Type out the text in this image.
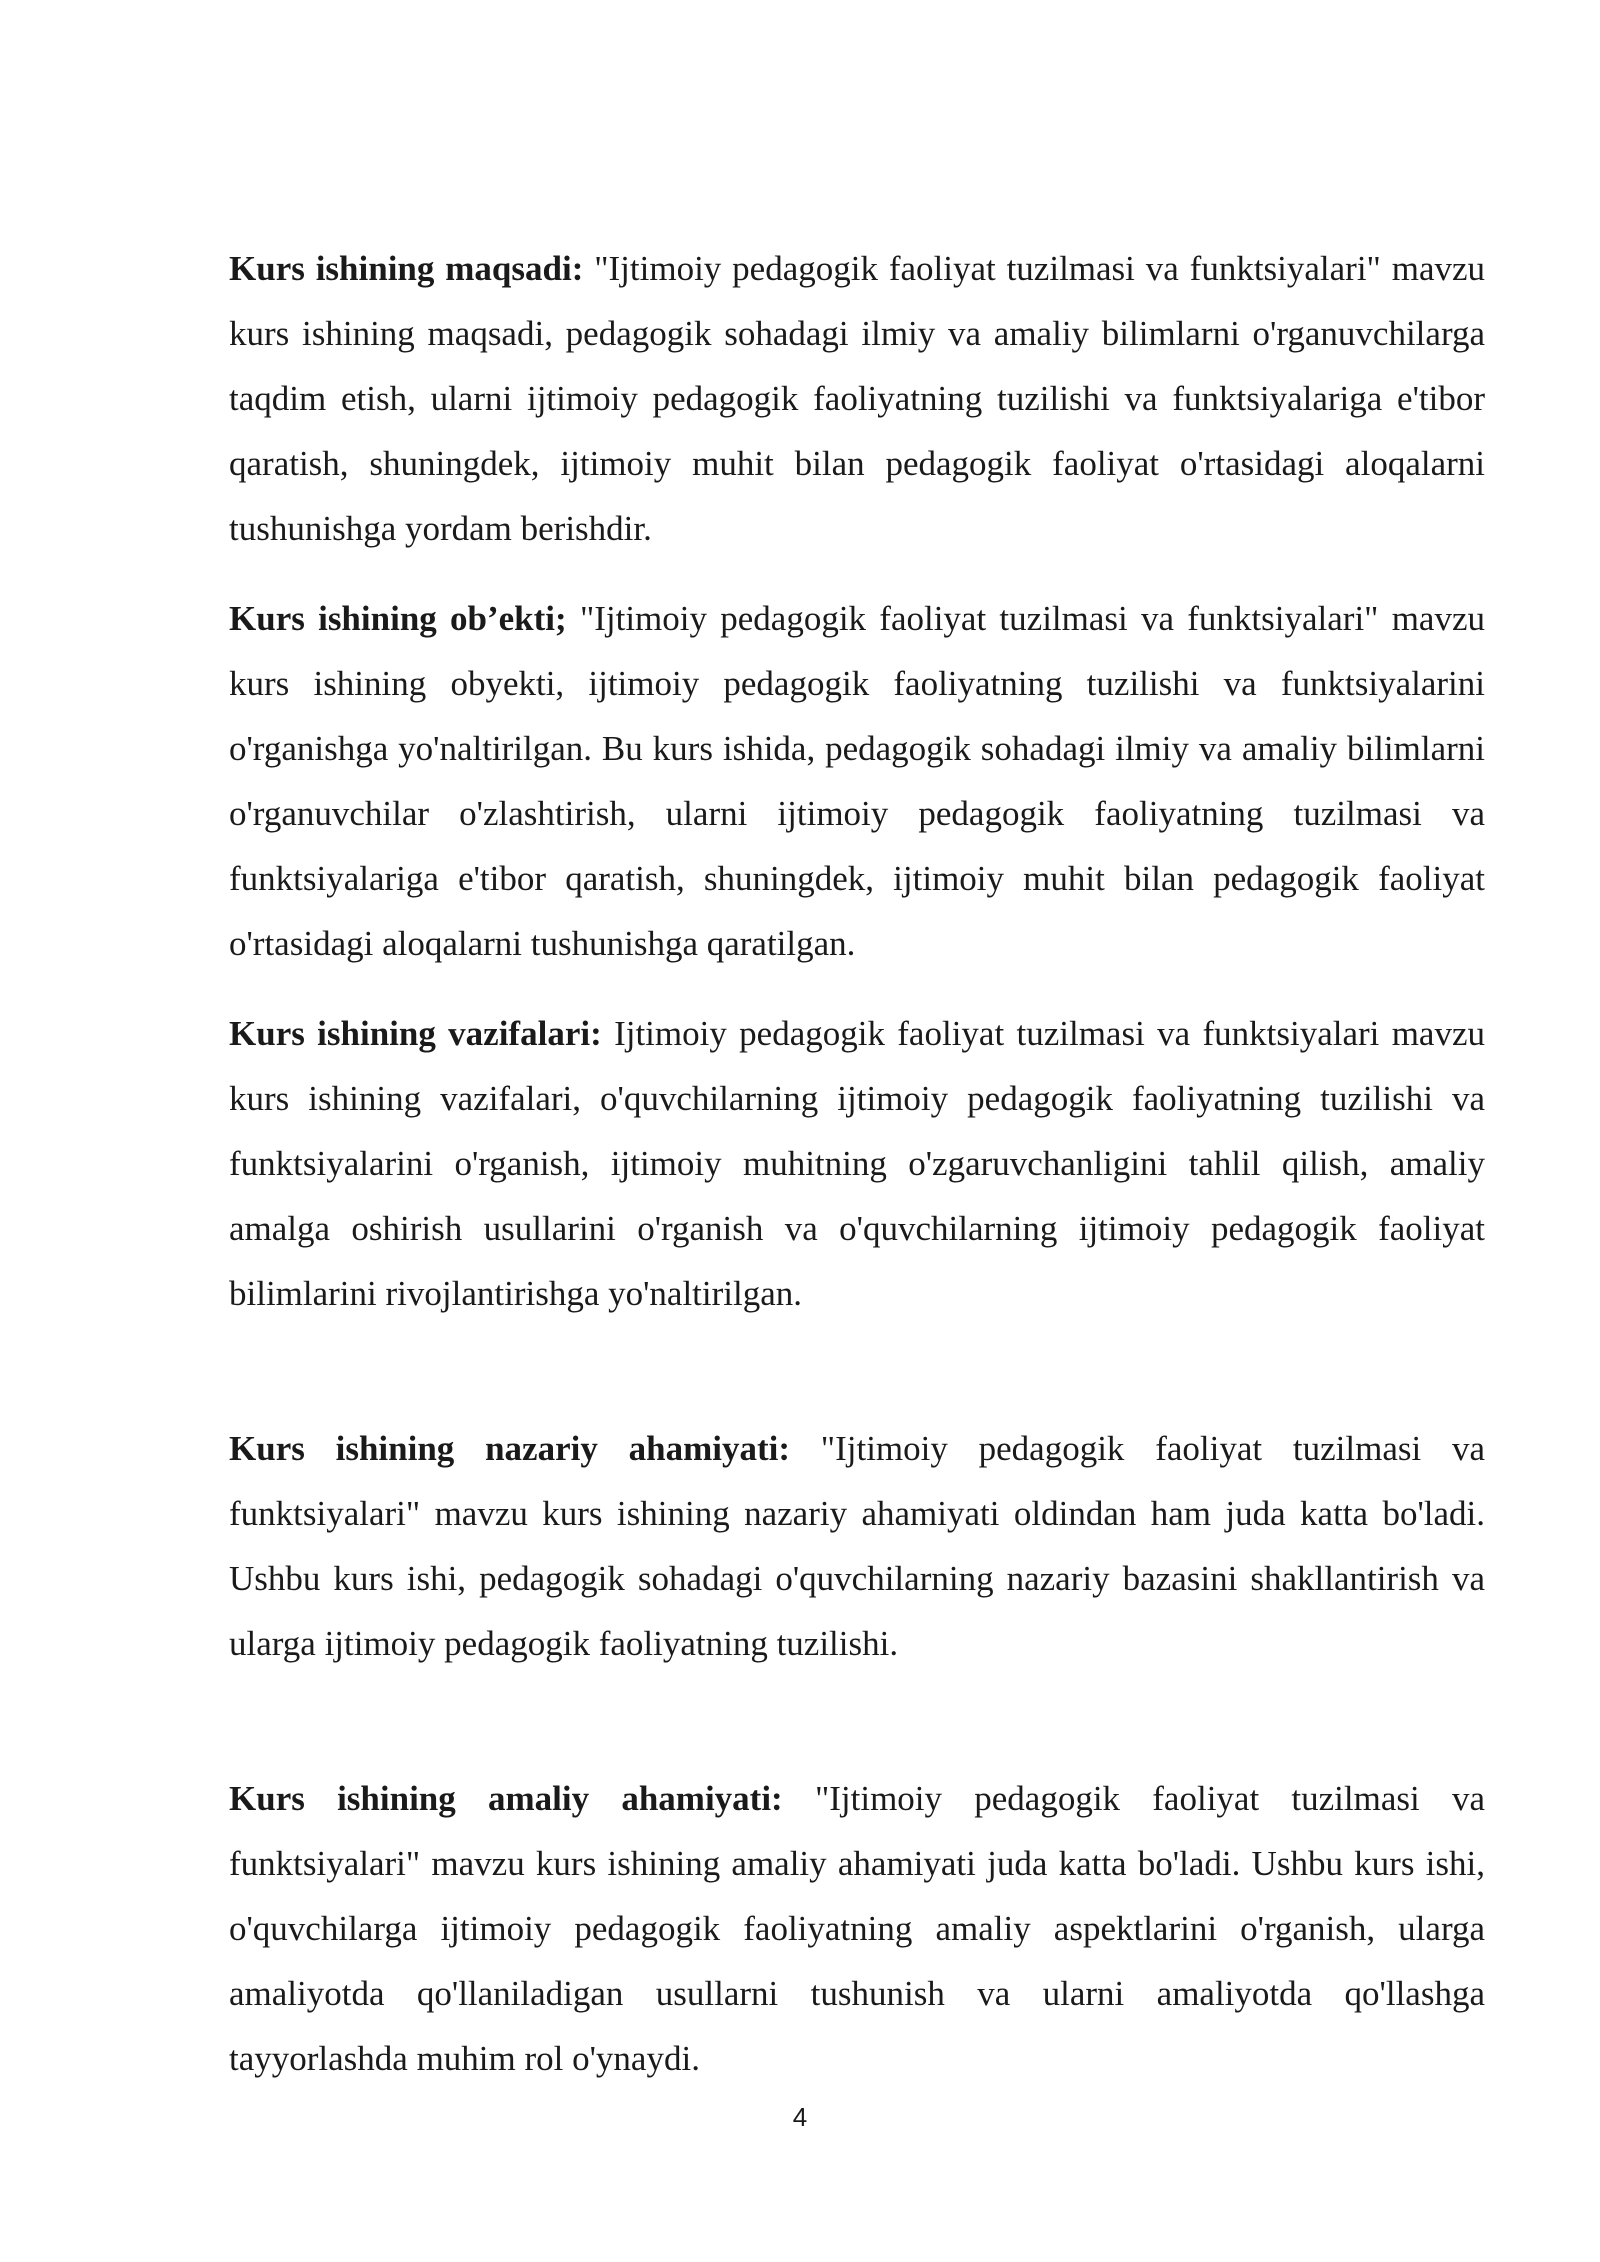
Kurs ishining maqsadi: "Ijtimoiy pedagogik faoliyat tuzilmasi va funktsiyalari" mavzu kurs ishining maqsadi, pedagogik sohadagi ilmiy va amaliy bilimlarni o'rganuvchilarga taqdim etish, ularni ijtimoiy pedagogik faoliyatning tuzilishi va funktsiyalariga e'tibor qaratish, shuningdek, ijtimoiy muhit bilan pedagogik faoliyat o'rtasidagi aloqalarni tushunishga yordam berishdir.

Kurs ishining ob’ekti; "Ijtimoiy pedagogik faoliyat tuzilmasi va funktsiyalari" mavzu kurs ishining obyekti, ijtimoiy pedagogik faoliyatning tuzilishi va funktsiyalarini o'rganishga yo'naltirilgan. Bu kurs ishida, pedagogik sohadagi ilmiy va amaliy bilimlarni o'rganuvchilar o'zlashtirish, ularni ijtimoiy pedagogik faoliyatning tuzilmasi va funktsiyalariga e'tibor qaratish, shuningdek, ijtimoiy muhit bilan pedagogik faoliyat o'rtasidagi aloqalarni tushunishga qaratilgan.

Kurs ishining vazifalari: Ijtimoiy pedagogik faoliyat tuzilmasi va funktsiyalari mavzu kurs ishining vazifalari, o'quvchilarning ijtimoiy pedagogik faoliyatning tuzilishi va funktsiyalarini o'rganish, ijtimoiy muhitning o'zgaruvchanligini tahlil qilish, amaliy amalga oshirish usullarini o'rganish va o'quvchilarning ijtimoiy pedagogik faoliyat bilimlarini rivojlantirishga yo'naltirilgan.

Kurs ishining nazariy ahamiyati: "Ijtimoiy pedagogik faoliyat tuzilmasi va funktsiyalari" mavzu kurs ishining nazariy ahamiyati oldindan ham juda katta bo'ladi. Ushbu kurs ishi, pedagogik sohadagi o'quvchilarning nazariy bazasini shakllantirish va ularga ijtimoiy pedagogik faoliyatning tuzilishi.

Kurs ishining amaliy ahamiyati: "Ijtimoiy pedagogik faoliyat tuzilmasi va funktsiyalari" mavzu kurs ishining amaliy ahamiyati juda katta bo'ladi. Ushbu kurs ishi, o'quvchilarga ijtimoiy pedagogik faoliyatning amaliy aspektlarini o'rganish, ularga amaliyotda qo'llaniladigan usullarni tushunish va ularni amaliyotda qo'llashga tayyorlashda muhim rol o'ynaydi.

4
